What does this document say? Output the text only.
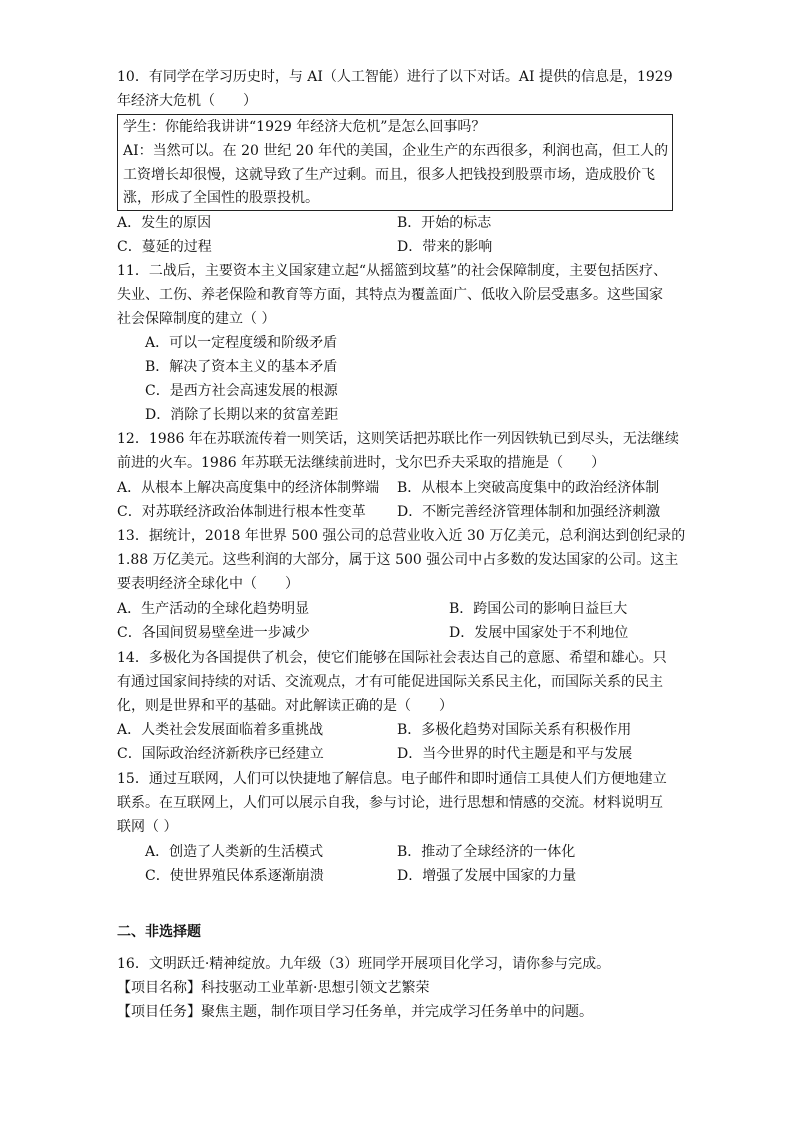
10．有同学在学习历史时，与 AI（人工智能）进行了以下对话。AI 提供的信息是，1929
年经济大危机（　　）
学生：你能给我讲讲“1929 年经济大危机”是怎么回事吗？
AI：当然可以。在 20 世纪 20 年代的美国，企业生产的东西很多，利润也高，但工人的
工资增长却很慢，这就导致了生产过剩。而且，很多人把钱投到股票市场，造成股价飞
涨，形成了全国性的股票投机。
A．发生的原因	B．开始的标志
C．蔓延的过程	D．带来的影响
11．二战后，主要资本主义国家建立起“从摇篮到坟墓”的社会保障制度，主要包括医疗、
失业、工伤、养老保险和教育等方面，其特点为覆盖面广、低收入阶层受惠多。这些国家
社会保障制度的建立（ ）
A．可以一定程度缓和阶级矛盾
B．解决了资本主义的基本矛盾
C．是西方社会高速发展的根源
D．消除了长期以来的贫富差距
12．1986 年在苏联流传着一则笑话，这则笑话把苏联比作一列因铁轨已到尽头，无法继续
前进的火车。1986 年苏联无法继续前进时，戈尔巴乔夫采取的措施是（　　）
A．从根本上解决高度集中的经济体制弊端 B．从根本上突破高度集中的政治经济体制
C．对苏联经济政治体制进行根本性变革 D．不断完善经济管理体制和加强经济刺激
13．据统计，2018 年世界 500 强公司的总营业收入近 30 万亿美元，总利润达到创纪录的
1.88 万亿美元。这些利润的大部分，属于这 500 强公司中占多数的发达国家的公司。这主
要表明经济全球化中（　　）
A．生产活动的全球化趋势明显	B．跨国公司的影响日益巨大
C．各国间贸易壁垒进一步减少	D．发展中国家处于不利地位
14．多极化为各国提供了机会，使它们能够在国际社会表达自己的意愿、希望和雄心。只
有通过国家间持续的对话、交流观点，才有可能促进国际关系民主化，而国际关系的民主
化，则是世界和平的基础。对此解读正确的是（　　）
A．人类社会发展面临着多重挑战	B．多极化趋势对国际关系有积极作用
C．国际政治经济新秩序已经建立	D．当今世界的时代主题是和平与发展
15．通过互联网，人们可以快捷地了解信息。电子邮件和即时通信工具使人们方便地建立
联系。在互联网上，人们可以展示自我，参与讨论，进行思想和情感的交流。材料说明互
联网（ ）
A．创造了人类新的生活模式	B．推动了全球经济的一体化
C．使世界殖民体系逐渐崩溃	D．增强了发展中国家的力量
二、非选择题
16．文明跃迁·精神绽放。九年级（3）班同学开展项目化学习，请你参与完成。
【项目名称】科技驱动工业革新·思想引领文艺繁荣
【项目任务】聚焦主题，制作项目学习任务单，并完成学习任务单中的问题。
